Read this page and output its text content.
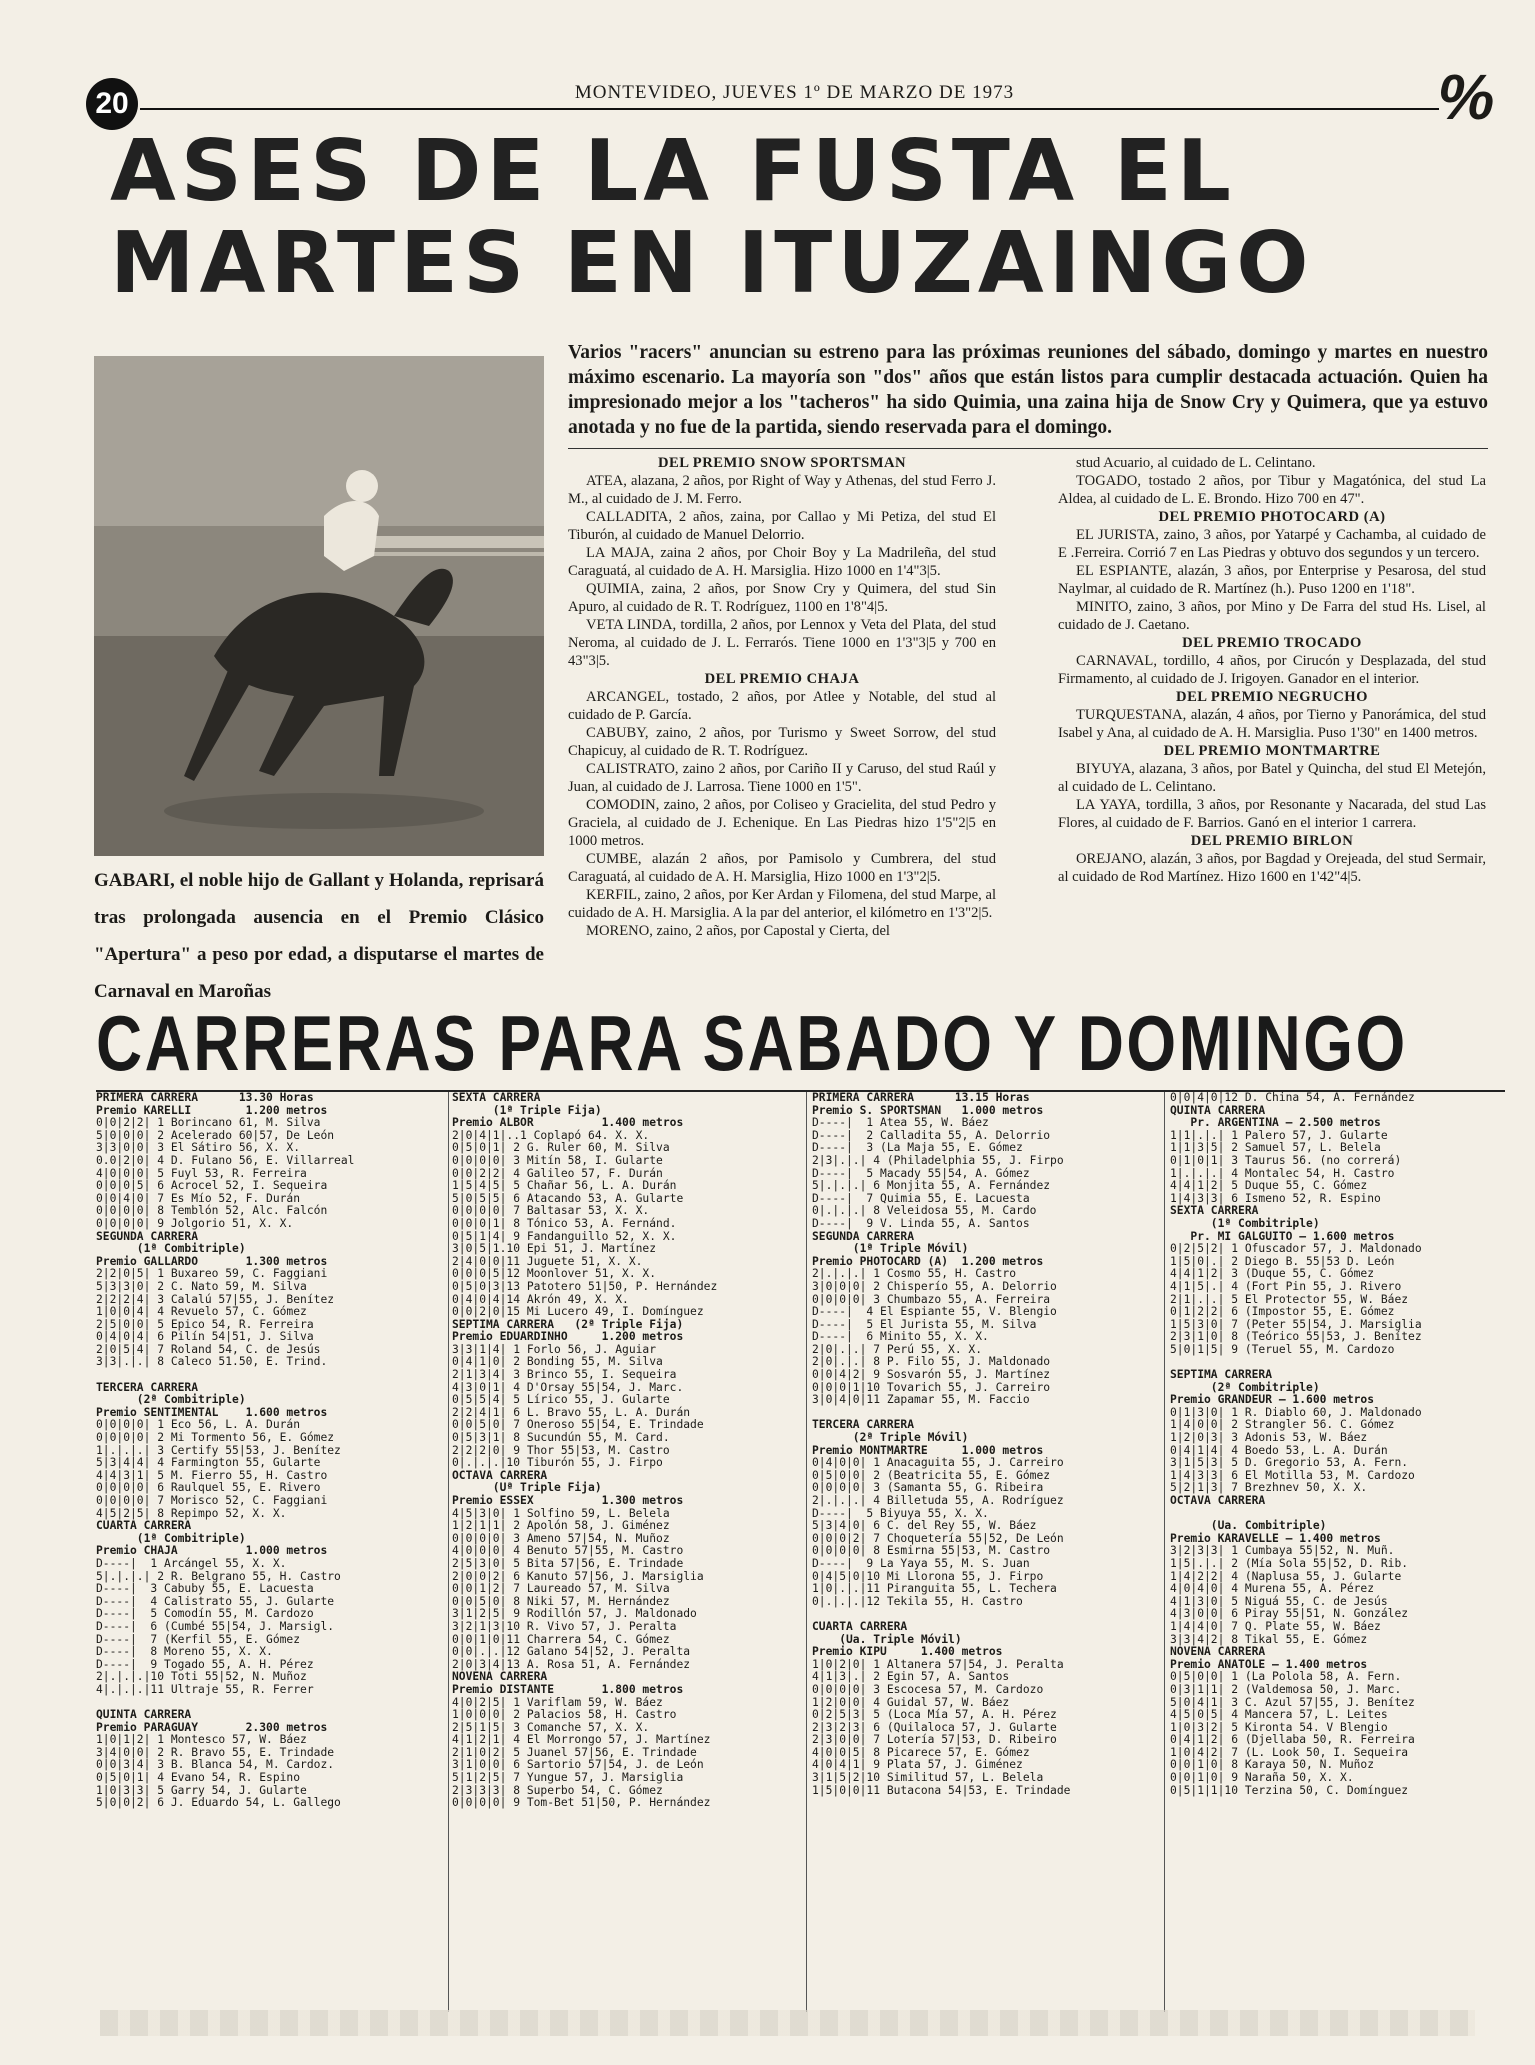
20	MONTEVIDEO, JUEVES 1º DE MARZO DE 1973	%
ASES DE LA FUSTA EL
MARTES EN ITUZAINGO
GABARI, el noble hijo de Gallant y Holanda, reprisará tras prolongada ausencia en el Premio Clásico "Apertura" a peso por edad, a disputarse el martes de Carnaval en Maroñas
Varios "racers" anuncian su estreno para las próximas reuniones del sábado, domingo y martes en nuestro máximo escenario. La mayoría son "dos" años que están listos para cumplir destacada actuación. Quien ha impresionado mejor a los "tacheros" ha sido Quimia, una zaina hija de Snow Cry y Quimera, que ya estuvo anotada y no fue de la partida, siendo reservada para el domingo.
DEL PREMIO SNOW SPORTSMAN

ATEA, alazana, 2 años, por Right of Way y Athenas, del stud Ferro J. M., al cuidado de J. M. Ferro.

CALLADITA, 2 años, zaina, por Callao y Mi Petiza, del stud El Tiburón, al cuidado de Manuel Delorrio.

LA MAJA, zaina 2 años, por Choir Boy y La Madrileña, del stud Caraguatá, al cuidado de A. H. Marsiglia. Hizo 1000 en 1'4"3|5.

QUIMIA, zaina, 2 años, por Snow Cry y Quimera, del stud Sin Apuro, al cuidado de R. T. Rodríguez, 1100 en 1'8"4|5.

VETA LINDA, tordilla, 2 años, por Lennox y Veta del Plata, del stud Neroma, al cuidado de J. L. Ferrarós. Tiene 1000 en 1'3"3|5 y 700 en 43"3|5.

DEL PREMIO CHAJA

ARCANGEL, tostado, 2 años, por Atlee y Notable, del stud al cuidado de P. García.

CABUBY, zaino, 2 años, por Turismo y Sweet Sorrow, del stud Chapicuy, al cuidado de R. T. Rodríguez.

CALISTRATO, zaino 2 años, por Cariño II y Caruso, del stud Raúl y Juan, al cuidado de J. Larrosa. Tiene 1000 en 1'5".

COMODIN, zaino, 2 años, por Coliseo y Gracielita, del stud Pedro y Graciela, al cuidado de J. Echenique. En Las Piedras hizo 1'5"2|5 en 1000 metros.

CUMBE, alazán 2 años, por Pamisolo y Cumbrera, del stud Caraguatá, al cuidado de A. H. Marsiglia, Hizo 1000 en 1'3"2|5.

KERFIL, zaino, 2 años, por Ker Ardan y Filomena, del stud Marpe, al cuidado de A. H. Marsiglia. A la par del anterior, el kilómetro en 1'3"2|5.

MORENO, zaino, 2 años, por Capostal y Cierta, del

stud Acuario, al cuidado de L. Celintano.

TOGADO, tostado 2 años, por Tibur y Magatónica, del stud La Aldea, al cuidado de L. E. Brondo. Hizo 700 en 47".

DEL PREMIO PHOTOCARD (A)

EL JURISTA, zaino, 3 años, por Yatarpé y Cachamba, al cuidado de E .Ferreira. Corrió 7 en Las Piedras y obtuvo dos segundos y un tercero.

EL ESPIANTE, alazán, 3 años, por Enterprise y Pesarosa, del stud Naylmar, al cuidado de R. Martínez (h.). Puso 1200 en 1'18".

MINITO, zaino, 3 años, por Mino y De Farra del stud Hs. Lisel, al cuidado de J. Caetano.

DEL PREMIO TROCADO

CARNAVAL, tordillo, 4 años, por Cirucón y Desplazada, del stud Firmamento, al cuidado de J. Irigoyen. Ganador en el interior.

DEL PREMIO NEGRUCHO

TURQUESTANA, alazán, 4 años, por Tierno y Panorámica, del stud Isabel y Ana, al cuidado de A. H. Marsiglia. Puso 1'30" en 1400 metros.

DEL PREMIO MONTMARTRE

BIYUYA, alazana, 3 años, por Batel y Quincha, del stud El Metejón, al cuidado de L. Celintano.

LA YAYA, tordilla, 3 años, por Resonante y Nacarada, del stud Las Flores, al cuidado de F. Barrios. Ganó en el interior 1 carrera.

DEL PREMIO BIRLON

OREJANO, alazán, 3 años, por Bagdad y Orejeada, del stud Sermair, al cuidado de Rod Martínez. Hizo 1600 en 1'42"4|5.

CARRERAS PARA SABADO Y DOMINGO
PRIMERA CARRERA      13.30 Horas
Premio KARELLI        1.200 metros
0|0|2|2| 1 Borincano 61, M. Silva
5|0|0|0| 2 Acelerado 60|57, De León
3|3|0|0| 3 El Sátiro 56, X. X.
0.0|2|0| 4 D. Fulano 56, E. Villarreal
4|0|0|0| 5 Fuyl 53, R. Ferreira
0|0|0|5| 6 Acrocel 52, I. Sequeira
0|0|4|0| 7 Es Mío 52, F. Durán
0|0|0|0| 8 Temblón 52, Alc. Falcón
0|0|0|0| 9 Jolgorio 51, X. X.
SEGUNDA CARRERA
(1ª Combitriple)
Premio GALLARDO       1.300 metros
2|2|0|5| 1 Buxareo 59, C. Faggiani
5|3|3|0| 2 C. Nato 59, M. Silva
2|2|2|4| 3 Calalú 57|55, J. Benítez
1|0|0|4| 4 Revuelo 57, C. Gómez
2|5|0|0| 5 Epico 54, R. Ferreira
0|4|0|4| 6 Pilín 54|51, J. Silva
2|0|5|4| 7 Roland 54, C. de Jesús
3|3|.|.| 8 Caleco 51.50, E. Trind.
TERCERA CARRERA
(2ª Combitriple)
Premio SENTIMENTAL    1.600 metros
0|0|0|0| 1 Eco 56, L. A. Durán
0|0|0|0| 2 Mi Tormento 56, E. Gómez
1|.|.|.| 3 Certify 55|53, J. Benítez
5|3|4|4| 4 Farmington 55, Gularte
4|4|3|1| 5 M. Fierro 55, H. Castro
0|0|0|0| 6 Raulquel 55, E. Rivero
0|0|0|0| 7 Morisco 52, C. Faggiani
4|5|2|5| 8 Repimpo 52, X. X.
CUARTA CARRERA
(1ª Combitriple)
Premio CHAJA          1.000 metros
D----|  1 Arcángel 55, X. X.
5|.|.|.| 2 R. Belgrano 55, H. Castro
D----|  3 Cabuby 55, E. Lacuesta
D----|  4 Calistrato 55, J. Gularte
D----|  5 Comodín 55, M. Cardozo
D----|  6 (Cumbé 55|54, J. Marsigl.
D----|  7 (Kerfil 55, E. Gómez
D----|  8 Moreno 55, X. X.
D----|  9 Togado 55, A. H. Pérez
2|.|.|.|10 Toti 55|52, N. Muñoz
4|.|.|.|11 Ultraje 55, R. Ferrer
QUINTA CARRERA
Premio PARAGUAY       2.300 metros
1|0|1|2| 1 Montesco 57, W. Báez
3|4|0|0| 2 R. Bravo 55, E. Trindade
0|0|3|4| 3 B. Blanca 54, M. Cardoz.
0|5|0|1| 4 Evano 54, R. Espino
1|0|3|3| 5 Garry 54, J. Gularte
5|0|0|2| 6 J. Eduardo 54, L. Gallego
SEXTA CARRERA
(1ª Triple Fija)
Premio ALBOR          1.400 metros
2|0|4|1|..1 Coplapó 64. X. X.
0|5|0|1| 2 G. Ruler 60, M. Silva
0|0|0|0| 3 Mitín 58, I. Gularte
0|0|2|2| 4 Galileo 57, F. Durán
1|5|4|5| 5 Chañar 56, L. A. Durán
5|0|5|5| 6 Atacando 53, A. Gularte
0|0|0|0| 7 Baltasar 53, X. X.
0|0|0|1| 8 Tónico 53, A. Fernánd.
0|5|1|4| 9 Fandanguillo 52, X. X.
3|0|5|1.10 Epi 51, J. Martínez
2|4|0|0|11 Juguete 51, X. X.
0|0|0|5|12 Moonlover 51, X. X.
0|5|0|3|13 Patotero 51|50, P. Hernández
0|4|0|4|14 Akrón 49, X. X.
0|0|2|0|15 Mi Lucero 49, I. Domínguez
SEPTIMA CARRERA   (2ª Triple Fija)
Premio EDUARDINHO     1.200 metros
3|3|1|4| 1 Forlo 56, J. Aguiar
0|4|1|0| 2 Bonding 55, M. Silva
2|1|3|4| 3 Brinco 55, I. Sequeira
4|3|0|1| 4 D'Orsay 55|54, J. Marc.
0|5|5|4| 5 Lírico 55, J. Gularte
2|2|4|1| 6 L. Bravo 55, L. A. Durán
0|0|5|0| 7 Oneroso 55|54, E. Trindade
0|5|3|1| 8 Sucundún 55, M. Card.
2|2|2|0| 9 Thor 55|53, M. Castro
0|.|.|.|10 Tiburón 55, J. Firpo
OCTAVA CARRERA
(Uª Triple Fija)
Premio ESSEX          1.300 metros
4|5|3|0| 1 Solfino 59, L. Belela
1|2|1|1| 2 Apolón 58, J. Giménez
0|0|0|0| 3 Ameno 57|54, N. Muñoz
4|0|0|0| 4 Benuto 57|55, M. Castro
2|5|3|0| 5 Bita 57|56, E. Trindade
2|0|0|2| 6 Kanuto 57|56, J. Marsiglia
0|0|1|2| 7 Laureado 57, M. Silva
0|0|5|0| 8 Niki 57, M. Hernández
3|1|2|5| 9 Rodillón 57, J. Maldonado
3|2|1|3|10 R. Vivo 57, J. Peralta
0|0|1|0|11 Charrera 54, C. Gómez
0|0|.|.|12 Galano 54|52, J. Peralta
2|0|3|4|13 A. Rosa 51, A. Fernández
NOVENA CARRERA
Premio DISTANTE       1.800 metros
4|0|2|5| 1 Variflam 59, W. Báez
1|0|0|0| 2 Palacios 58, H. Castro
2|5|1|5| 3 Comanche 57, X. X.
4|1|2|1| 4 El Morrongo 57, J. Martínez
2|1|0|2| 5 Juanel 57|56, E. Trindade
3|1|0|0| 6 Sartorio 57|54, J. de León
5|1|2|5| 7 Yungue 57, J. Marsiglia
2|3|3|3| 8 Superbo 54, C. Gómez
0|0|0|0| 9 Tom-Bet 51|50, P. Hernández
PRIMERA CARRERA      13.15 Horas
Premio S. SPORTSMAN   1.000 metros
D----|  1 Atea 55, W. Báez
D----|  2 Calladita 55, A. Delorrio
D----|  3 (La Maja 55, E. Gómez
2|3|.|.| 4 (Philadelphia 55, J. Firpo
D----|  5 Macady 55|54, A. Gómez
5|.|.|.| 6 Monjita 55, A. Fernández
D----|  7 Quimia 55, E. Lacuesta
0|.|.|.| 8 Veleidosa 55, M. Cardo
D----|  9 V. Linda 55, A. Santos
SEGUNDA CARRERA
(1ª Triple Móvil)
Premio PHOTOCARD (A)  1.200 metros
2|.|.|.| 1 Cosmo 55, H. Castro
3|0|0|0| 2 Chisperío 55, A. Delorrio
0|0|0|0| 3 Chumbazo 55, A. Ferreira
D----|  4 El Espiante 55, V. Blengio
D----|  5 El Jurista 55, M. Silva
D----|  6 Minito 55, X. X.
2|0|.|.| 7 Perú 55, X. X.
2|0|.|.| 8 P. Filo 55, J. Maldonado
0|0|4|2| 9 Sosvarón 55, J. Martínez
0|0|0|1|10 Tovarich 55, J. Carreiro
3|0|4|0|11 Zapamar 55, M. Faccio
TERCERA CARRERA
(2ª Triple Móvil)
Premio MONTMARTRE     1.000 metros
0|4|0|0| 1 Anacaguita 55, J. Carreiro
0|5|0|0| 2 (Beatricita 55, E. Gómez
0|0|0|0| 3 (Samanta 55, G. Ribeira
2|.|.|.| 4 Billetuda 55, A. Rodríguez
D----|  5 Biyuya 55, X. X.
5|3|4|0| 6 C. del Rey 55, W. Báez
0|0|0|2| 7 Choquetería 55|52, De León
0|0|0|0| 8 Esmirna 55|53, M. Castro
D----|  9 La Yaya 55, M. S. Juan
0|4|5|0|10 Mi Llorona 55, J. Firpo
1|0|.|.|11 Piranguita 55, L. Techera
0|.|.|.|12 Tekila 55, H. Castro
CUARTA CARRERA
(Ua. Triple Móvil)
Premio KIPU     1.400 metros
1|0|2|0| 1 Altanera 57|54, J. Peralta
4|1|3|.| 2 Egin 57, A. Santos
0|0|0|0| 3 Escocesa 57, M. Cardozo
1|2|0|0| 4 Guidal 57, W. Báez
0|2|5|3| 5 (Loca Mía 57, A. H. Pérez
2|3|2|3| 6 (Quilaloca 57, J. Gularte
2|3|0|0| 7 Lotería 57|53, D. Ribeiro
4|0|0|5| 8 Picarece 57, E. Gómez
4|0|4|1| 9 Plata 57, J. Giménez
3|1|5|2|10 Similitud 57, L. Belela
1|5|0|0|11 Butacona 54|53, E. Trindade
0|0|4|0|12 D. China 54, A. Fernández
QUINTA CARRERA
Pr. ARGENTINA — 2.500 metros
1|1|.|.| 1 Palero 57, J. Gularte
1|1|3|5| 2 Samuel 57, L. Belela
0|1|0|1| 3 Taurus 56. (no correrá)
1|.|.|.| 4 Montalec 54, H. Castro
4|4|1|2| 5 Duque 55, C. Gómez
1|4|3|3| 6 Ismeno 52, R. Espino
SEXTA CARRERA
(1ª Combitriple)
Pr. MI GALGUITO — 1.600 metros
0|2|5|2| 1 Ofuscador 57, J. Maldonado
1|5|0|.| 2 Diego B. 55|53 D. León
4|4|1|2| 3 (Duque 55, C. Gómez
4|1|5|.| 4 (Fort Pin 55, J. Rivero
2|1|.|.| 5 El Protector 55, W. Báez
0|1|2|2| 6 (Impostor 55, E. Gómez
1|5|3|0| 7 (Peter 55|54, J. Marsiglia
2|3|1|0| 8 (Teórico 55|53, J. Benítez
5|0|1|5| 9 (Teruel 55, M. Cardozo
SEPTIMA CARRERA
(2ª Combitriple)
Premio GRANDEUR — 1.600 metros
0|1|3|0| 1 R. Diablo 60, J. Maldonado
1|4|0|0| 2 Strangler 56. C. Gómez
1|2|0|3| 3 Adonis 53, W. Báez
0|4|1|4| 4 Boedo 53, L. A. Durán
3|1|5|3| 5 D. Gregorio 53, A. Fern.
1|4|3|3| 6 El Motilla 53, M. Cardozo
5|2|1|3| 7 Brezhnev 50, X. X.
OCTAVA CARRERA
(Ua. Combitriple)
Premio KARAVELLE — 1.400 metros
3|2|3|3| 1 Cumbaya 55|52, N. Muñ.
1|5|.|.| 2 (Mía Sola 55|52, D. Rib.
1|4|2|2| 4 (Naplusa 55, J. Gularte
4|0|4|0| 4 Murena 55, A. Pérez
4|1|3|0| 5 Niguá 55, C. de Jesús
4|3|0|0| 6 Piray 55|51, N. González
1|4|4|0| 7 Q. Plate 55, W. Báez
3|3|4|2| 8 Tikal 55, E. Gómez
NOVENA CARRERA
Premio ANATOLE — 1.400 metros
0|5|0|0| 1 (La Polola 58, A. Fern.
0|3|1|1| 2 (Valdemosa 50, J. Marc.
5|0|4|1| 3 C. Azul 57|55, J. Benítez
4|5|0|5| 4 Mancera 57, L. Leites
1|0|3|2| 5 Kironta 54. V Blengio
0|4|1|2| 6 (Djellaba 50, R. Ferreira
1|0|4|2| 7 (L. Look 50, I. Sequeira
0|0|1|0| 8 Karaya 50, N. Muñoz
0|0|1|0| 9 Naraña 50, X. X.
0|5|1|1|10 Terzina 50, C. Domínguez
